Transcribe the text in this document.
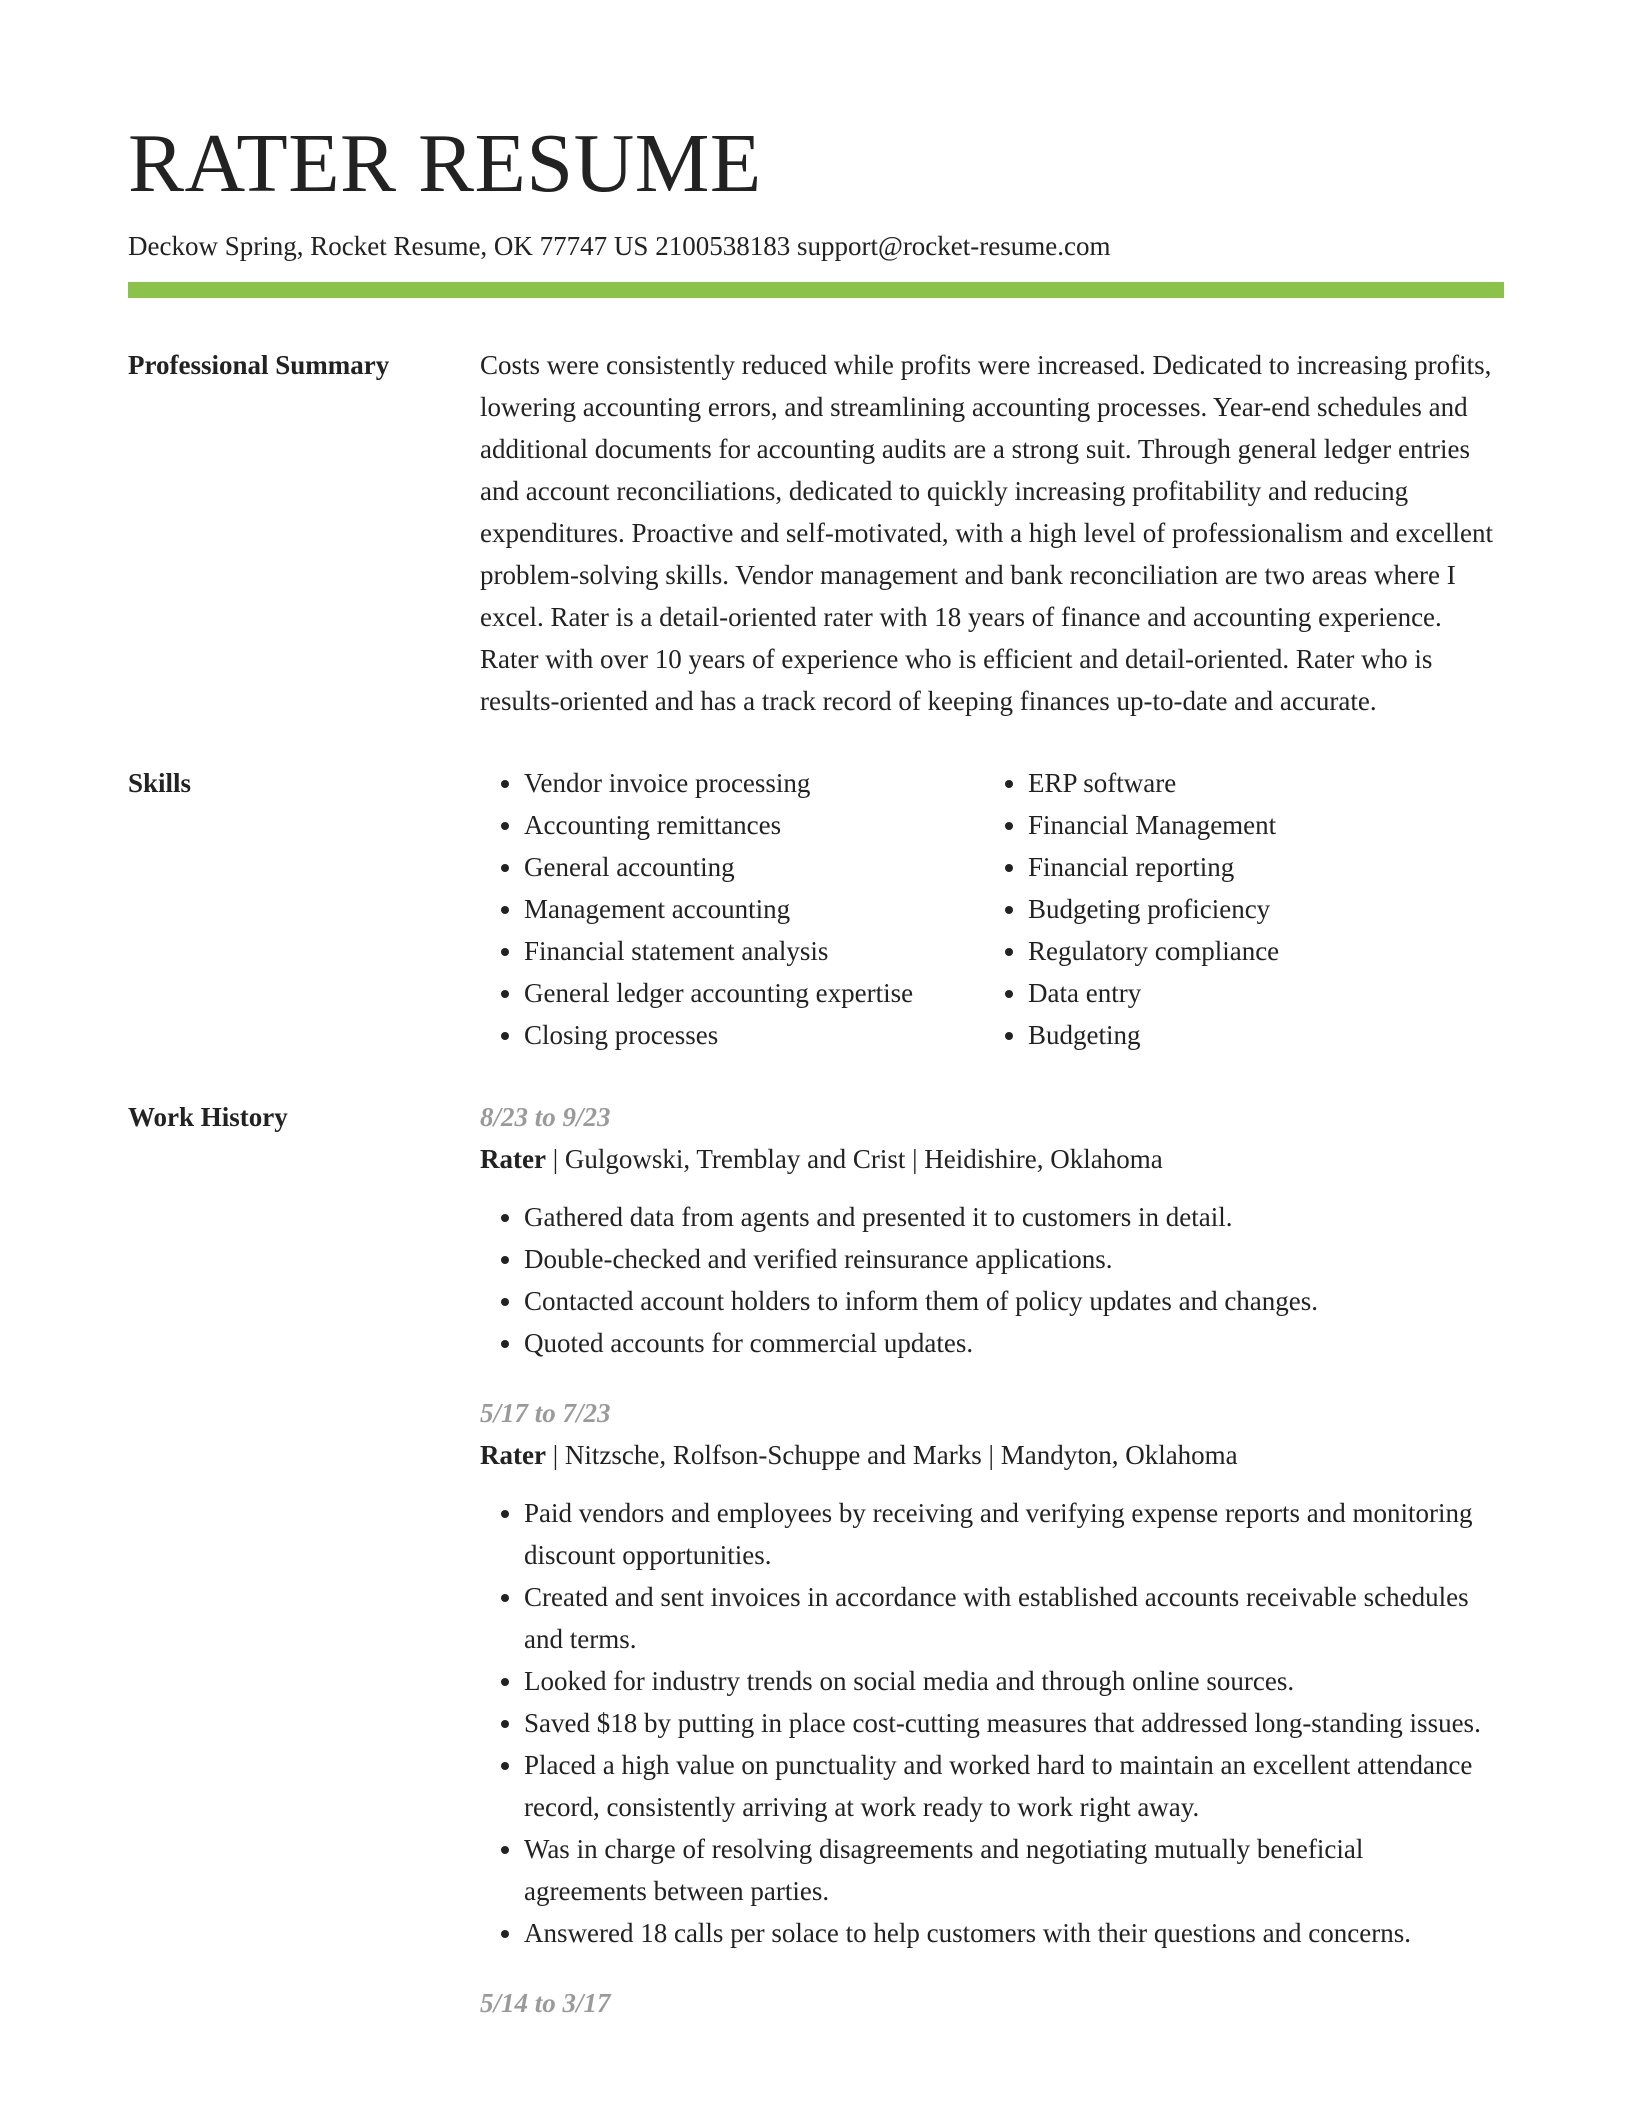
RATER RESUME
Deckow Spring, Rocket Resume, OK 77747 US 2100538183 support@rocket-resume.com
Professional Summary	Costs were consistently reduced while profits were increased. Dedicated to increasing profits, lowering accounting errors, and streamlining accounting processes. Year-end schedules and additional documents for accounting audits are a strong suit. Through general ledger entries and account reconciliations, dedicated to quickly increasing profitability and reducing expenditures. Proactive and self-motivated, with a high level of professionalism and excellent problem-solving skills. Vendor management and bank reconciliation are two areas where I excel. Rater is a detail-oriented rater with 18 years of finance and accounting experience. Rater with over 10 years of experience who is efficient and detail-oriented. Rater who is results-oriented and has a track record of keeping finances up-to-date and accurate.

Skills
•	Vendor invoice processing
• Accounting remittances
• General accounting
• Management accounting
• Financial statement analysis
• General ledger accounting expertise
• Closing processes
• ERP software
• Financial Management
• Financial reporting
• Budgeting proficiency
• Regulatory compliance
• Data entry
• Budgeting
Work History	8/23 to 9/23
Rater | Gulgowski, Tremblay and Crist | Heidishire, Oklahoma
• Gathered data from agents and presented it to customers in detail.
• Double-checked and verified reinsurance applications.
• Contacted account holders to inform them of policy updates and changes.
• Quoted accounts for commercial updates.
5/17 to 7/23
Rater | Nitzsche, Rolfson-Schuppe and Marks | Mandyton, Oklahoma
• Paid vendors and employees by receiving and verifying expense reports and monitoring discount opportunities.
• Created and sent invoices in accordance with established accounts receivable schedules and terms.
• Looked for industry trends on social media and through online sources.
• Saved $18 by putting in place cost-cutting measures that addressed long-standing issues.
• Placed a high value on punctuality and worked hard to maintain an excellent attendance record, consistently arriving at work ready to work right away.
• Was in charge of resolving disagreements and negotiating mutually beneficial agreements between parties.
• Answered 18 calls per solace to help customers with their questions and concerns.
5/14 to 3/17
